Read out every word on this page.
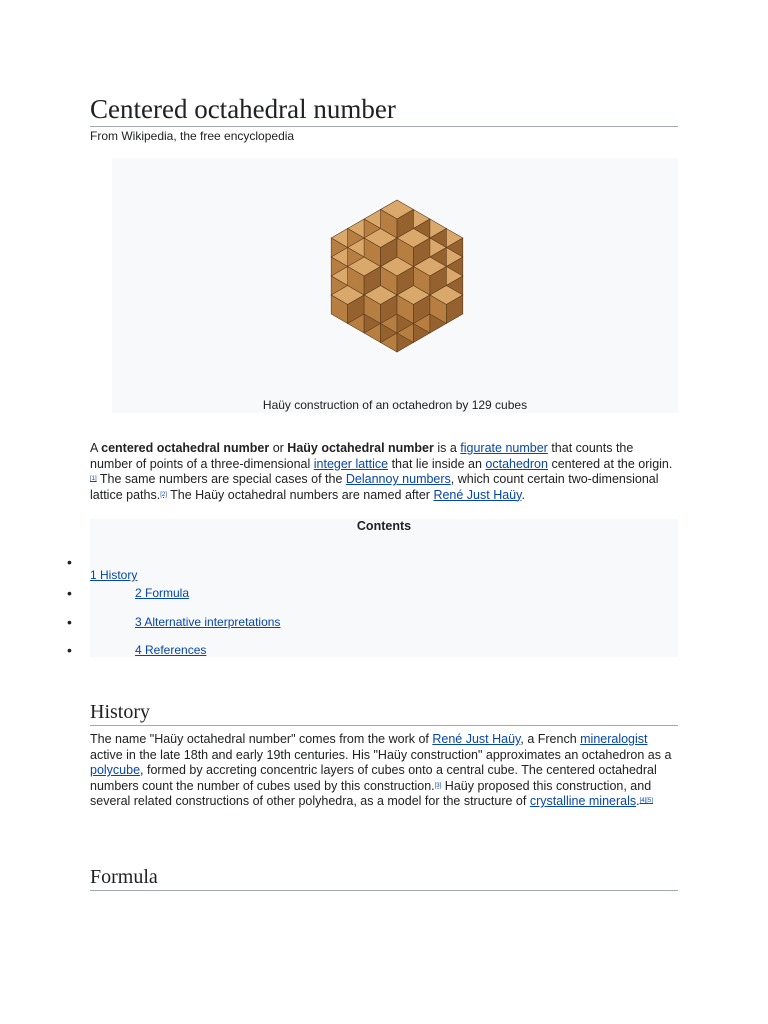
Centered octahedral number
From Wikipedia, the free encyclopedia
Haüy construction of an octahedron by 129 cubes

A centered octahedral number or Haüy octahedral number is a figurate number that counts the number of points of a three-dimensional integer lattice that lie inside an octahedron centered at the origin.[1] The same numbers are special cases of the Delannoy numbers, which count certain two-dimensional lattice paths.[2] The Haüy octahedral numbers are named after René Just Haüy.

Contents
•
1 History
•	2 Formula
•	3 Alternative interpretations
•	4 References
History

The name "Haüy octahedral number" comes from the work of René Just Haüy, a French mineralogist active in the late 18th and early 19th centuries. His "Haüy construction" approximates an octahedron as a polycube, formed by accreting concentric layers of cubes onto a central cube. The centered octahedral numbers count the number of cubes used by this construction.[3] Haüy proposed this construction, and several related constructions of other polyhedra, as a model for the structure of crystalline minerals.[4][5]

Formula
